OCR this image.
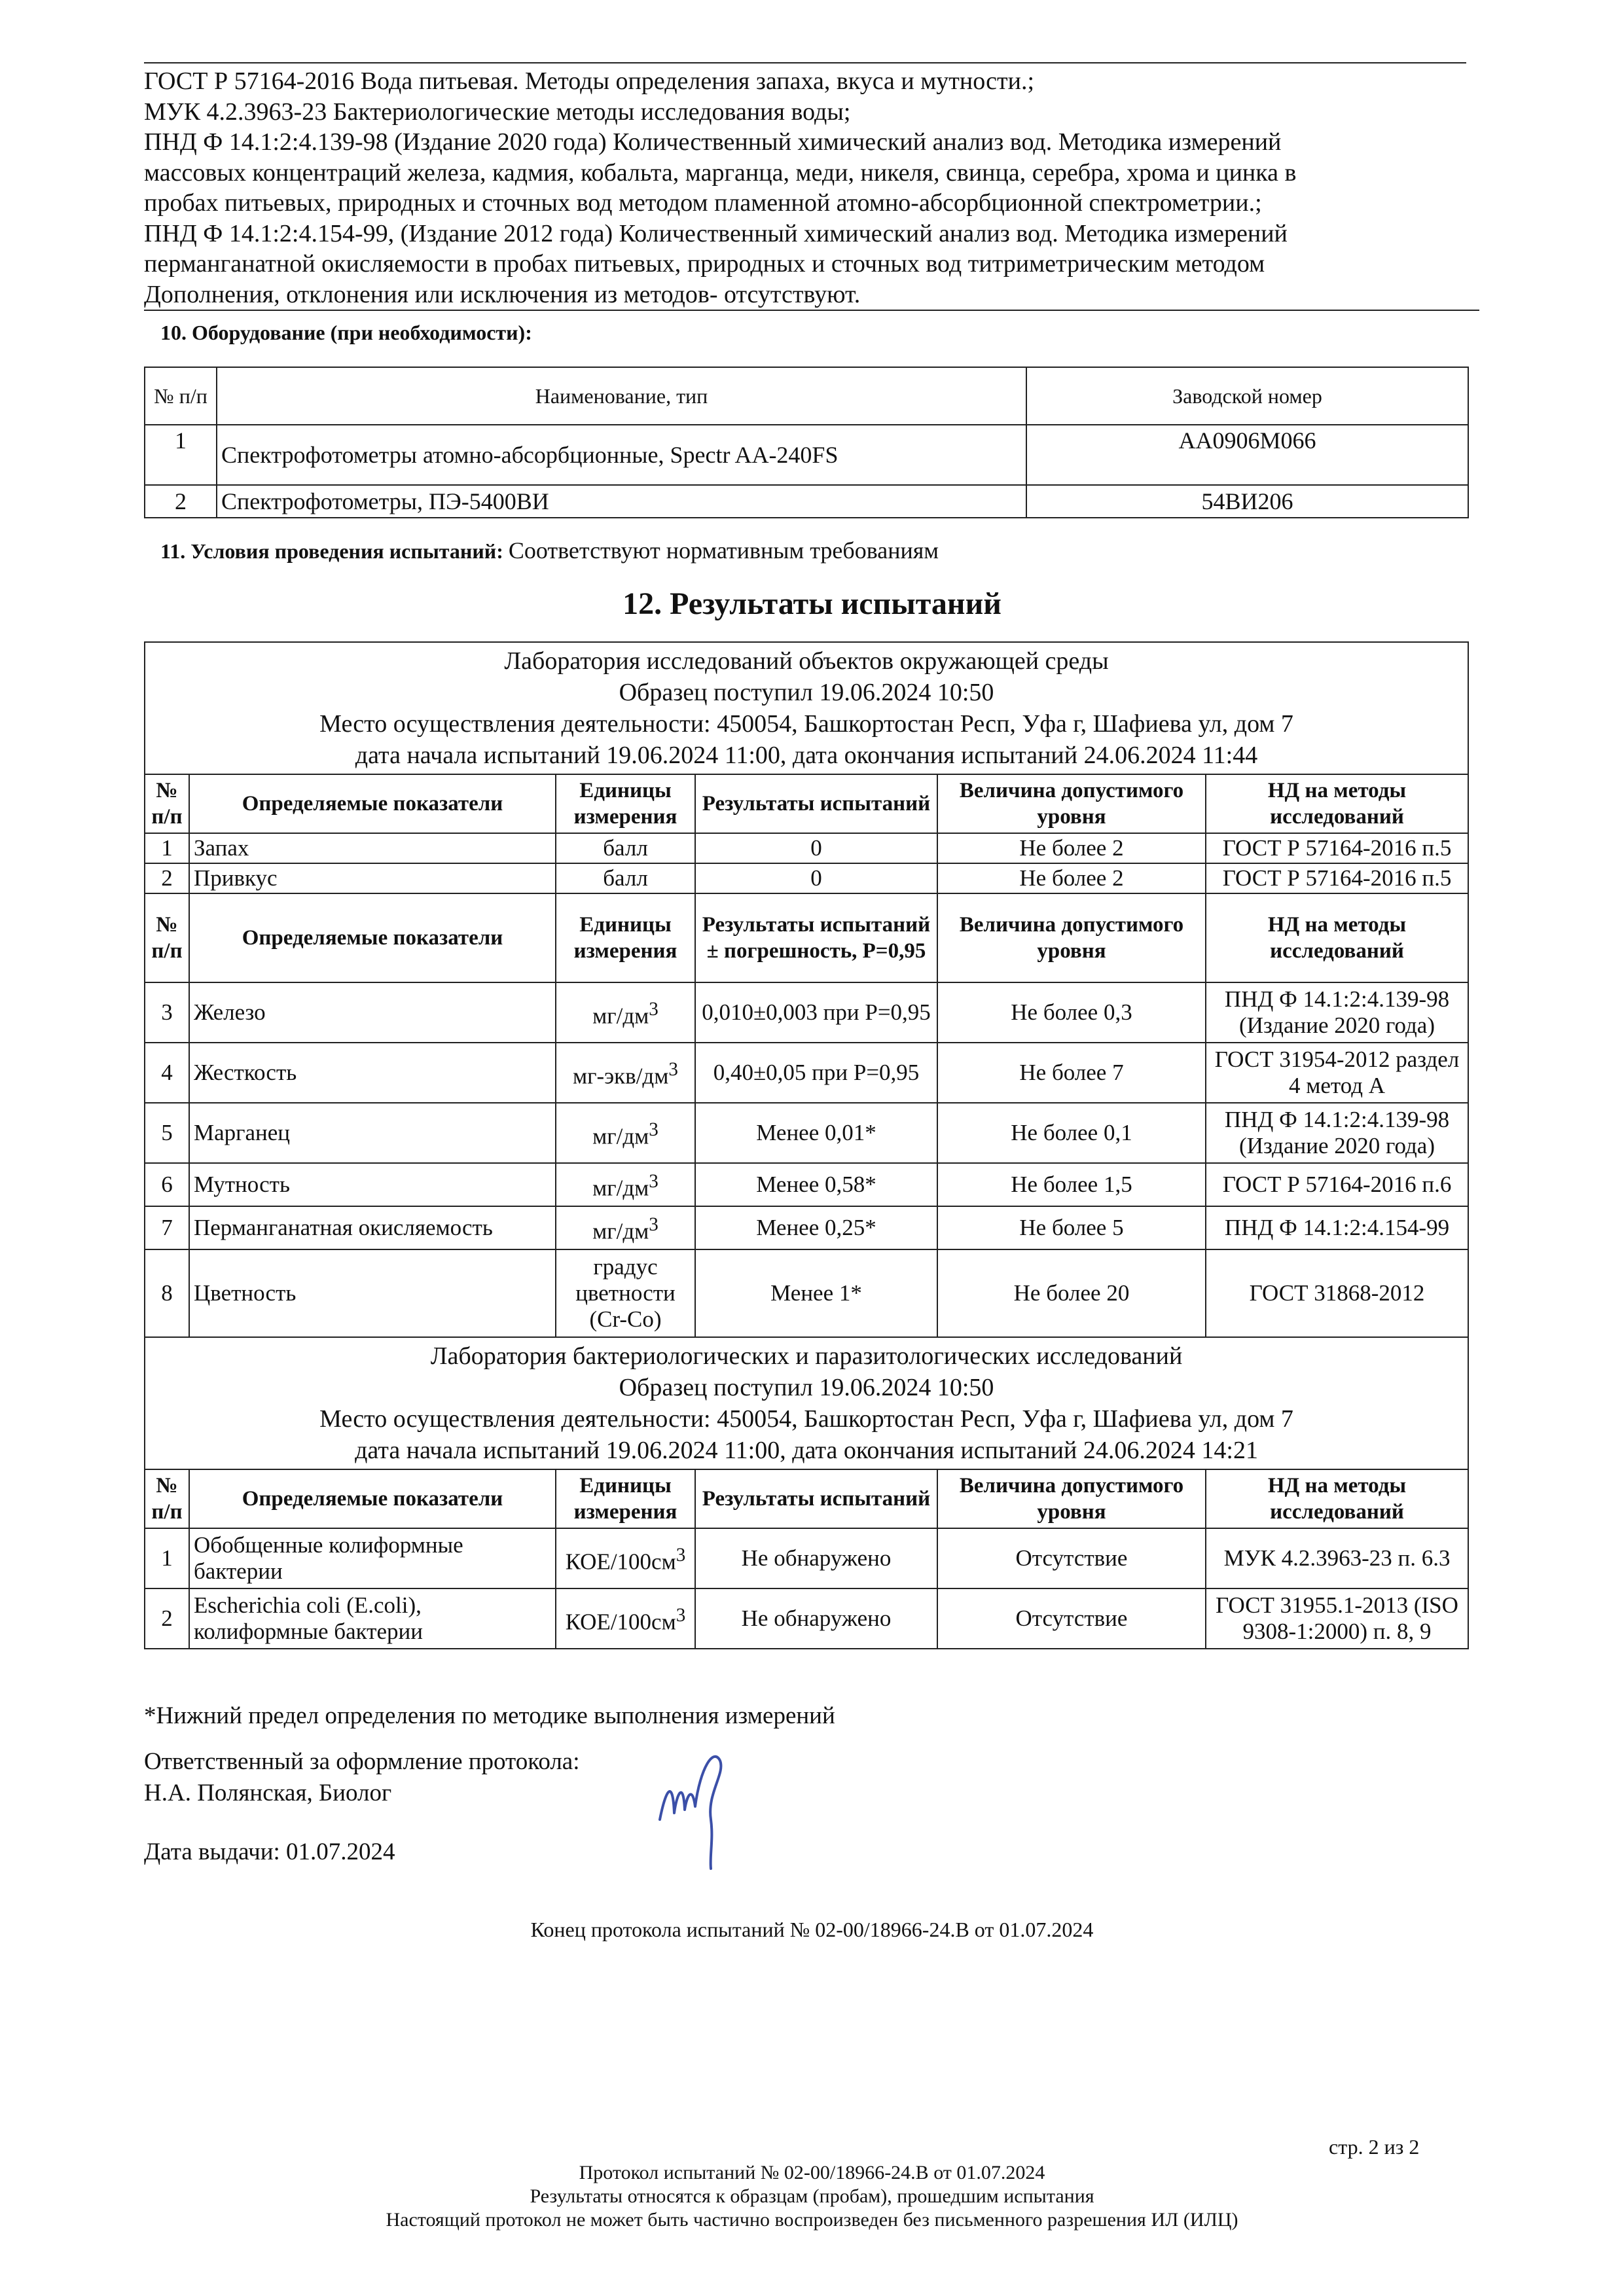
ГОСТ Р 57164-2016 Вода питьевая. Методы определения запаха, вкуса и мутности.;
МУК 4.2.3963-23 Бактериологические методы исследования воды;
ПНД Ф 14.1:2:4.139-98 (Издание 2020 года) Количественный химический анализ вод. Методика измерений
массовых концентраций железа, кадмия, кобальта, марганца, меди, никеля, свинца, серебра, хрома и цинка в
пробах питьевых, природных и сточных вод методом пламенной атомно-абсорбционной спектрометрии.;
ПНД Ф 14.1:2:4.154-99, (Издание 2012 года) Количественный химический анализ вод. Методика измерений
перманганатной окисляемости в пробах питьевых, природных и сточных вод титриметрическим методом
Дополнения, отклонения или исключения из методов- отсутствуют.
10. Оборудование (при необходимости):
№ п/п	Наименование, тип	Заводской номер
1	Спектрофотометры атомно-абсорбционные, Spectr AA-240FS	АА0906М066
2	Спектрофотометры, ПЭ-5400ВИ	54ВИ206
11. Условия проведения испытаний: Соответствуют нормативным требованиям
12. Результаты испытаний
Лаборатория исследований объектов окружающей среды
Образец поступил 19.06.2024 10:50
Место осуществления деятельности: 450054, Башкортостан Респ, Уфа г, Шафиева ул, дом 7
дата начала испытаний 19.06.2024 11:00, дата окончания испытаний 24.06.2024 11:44					

№ п/п	Определяемые показатели	Единицы измерения	Результаты испытаний	Величина допустимого уровня	НД на методы исследований
1	Запах	балл	0	Не более 2	ГОСТ Р 57164-2016 п.5
2	Привкус	балл	0	Не более 2	ГОСТ Р 57164-2016 п.5
№ п/п	Определяемые показатели	Единицы измерения	Результаты испытаний ± погрешность, P=0,95	Величина допустимого уровня	НД на методы исследований
3	Железо	$мг/дм^3$	0,010±0,003 при P=0,95	Не более 0,3	ПНД Ф 14.1:2:4.139-98 (Издание 2020 года)
4	Жесткость	$мг-экв/дм^3$	0,40±0,05 при P=0,95	Не более 7	ГОСТ 31954-2012 раздел 4 метод А
5	Марганец	$мг/дм^3$	Менее 0,01*	Не более 0,1	ПНД Ф 14.1:2:4.139-98 (Издание 2020 года)
6	Мутность	$мг/дм^3$	Менее 0,58*	Не более 1,5	ГОСТ Р 57164-2016 п.6
7	Перманганатная окисляемость	$мг/дм^3$	Менее 0,25*	Не более 5	ПНД Ф 14.1:2:4.154-99
8	Цветность	градус цветности (Cr-Co)	Менее 1*	Не более 20	ГОСТ 31868-2012

Лаборатория бактериологических и паразитологических исследований
Образец поступил 19.06.2024 10:50
Место осуществления деятельности: 450054, Башкортостан Респ, Уфа г, Шафиева ул, дом 7
дата начала испытаний 19.06.2024 11:00, дата окончания испытаний 24.06.2024 14:21					

№ п/п	Определяемые показатели	Единицы измерения	Результаты испытаний	Величина допустимого уровня	НД на методы исследований
1	Обобщенные колиформные бактерии	КОЕ/$100см^3$	Не обнаружено	Отсутствие	МУК 4.2.3963-23 п. 6.3
2	Escherichia coli (E.coli), колиформные бактерии	КОЕ/$100см^3$	Не обнаружено	Отсутствие	ГОСТ 31955.1-2013 (ISO 9308-1:2000) п. 8, 9
*Нижний предел определения по методике выполнения измерений
Ответственный за оформление протокола:
Н.А. Полянская, Биолог
Дата выдачи: 01.07.2024
Конец протокола испытаний № 02-00/18966-24.В от 01.07.2024
стр. 2 из 2
Протокол испытаний № 02-00/18966-24.В от 01.07.2024
Результаты относятся к образцам (пробам), прошедшим испытания
Настоящий протокол не может быть частично воспроизведен без письменного разрешения ИЛ (ИЛЦ)
